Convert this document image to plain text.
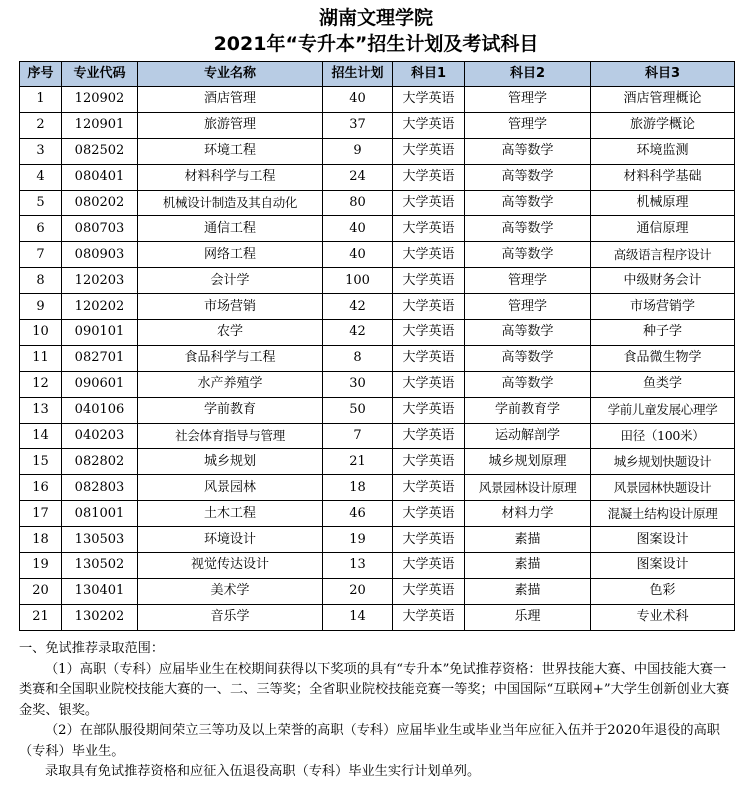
湖南文理学院
2021年“专升本”招生计划及考试科目
序号	专业代码	专业名称	招生计划	科目1	科目2	科目3
1	120902	酒店管理	40	大学英语	管理学	酒店管理概论
2	120901	旅游管理	37	大学英语	管理学	旅游学概论
3	082502	环境工程	9	大学英语	高等数学	环境监测
4	080401	材料科学与工程	24	大学英语	高等数学	材料科学基础
5	080202	机械设计制造及其自动化	80	大学英语	高等数学	机械原理
6	080703	通信工程	40	大学英语	高等数学	通信原理
7	080903	网络工程	40	大学英语	高等数学	高级语言程序设计
8	120203	会计学	100	大学英语	管理学	中级财务会计
9	120202	市场营销	42	大学英语	管理学	市场营销学
10	090101	农学	42	大学英语	高等数学	种子学
11	082701	食品科学与工程	8	大学英语	高等数学	食品微生物学
12	090601	水产养殖学	30	大学英语	高等数学	鱼类学
13	040106	学前教育	50	大学英语	学前教育学	学前儿童发展心理学
14	040203	社会体育指导与管理	7	大学英语	运动解剖学	田径（100米）
15	082802	城乡规划	21	大学英语	城乡规划原理	城乡规划快题设计
16	082803	风景园林	18	大学英语	风景园林设计原理	风景园林快题设计
17	081001	土木工程	46	大学英语	材料力学	混凝土结构设计原理
18	130503	环境设计	19	大学英语	素描	图案设计
19	130502	视觉传达设计	13	大学英语	素描	图案设计
20	130401	美术学	20	大学英语	素描	色彩
21	130202	音乐学	14	大学英语	乐理	专业术科

一、免试推荐录取范围：

（1）高职（专科）应届毕业生在校期间获得以下奖项的具有“专升本”免试推荐资格：世界技能大赛、中国技能大赛一类赛和全国职业院校技能大赛的一、二、三等奖；全省职业院校技能竞赛一等奖；中国国际“互联网+”大学生创新创业大赛金奖、银奖。

（2）在部队服役期间荣立三等功及以上荣誉的高职（专科）应届毕业生或毕业当年应征入伍并于2020年退役的高职（专科）毕业生。

录取具有免试推荐资格和应征入伍退役高职（专科）毕业生实行计划单列。
